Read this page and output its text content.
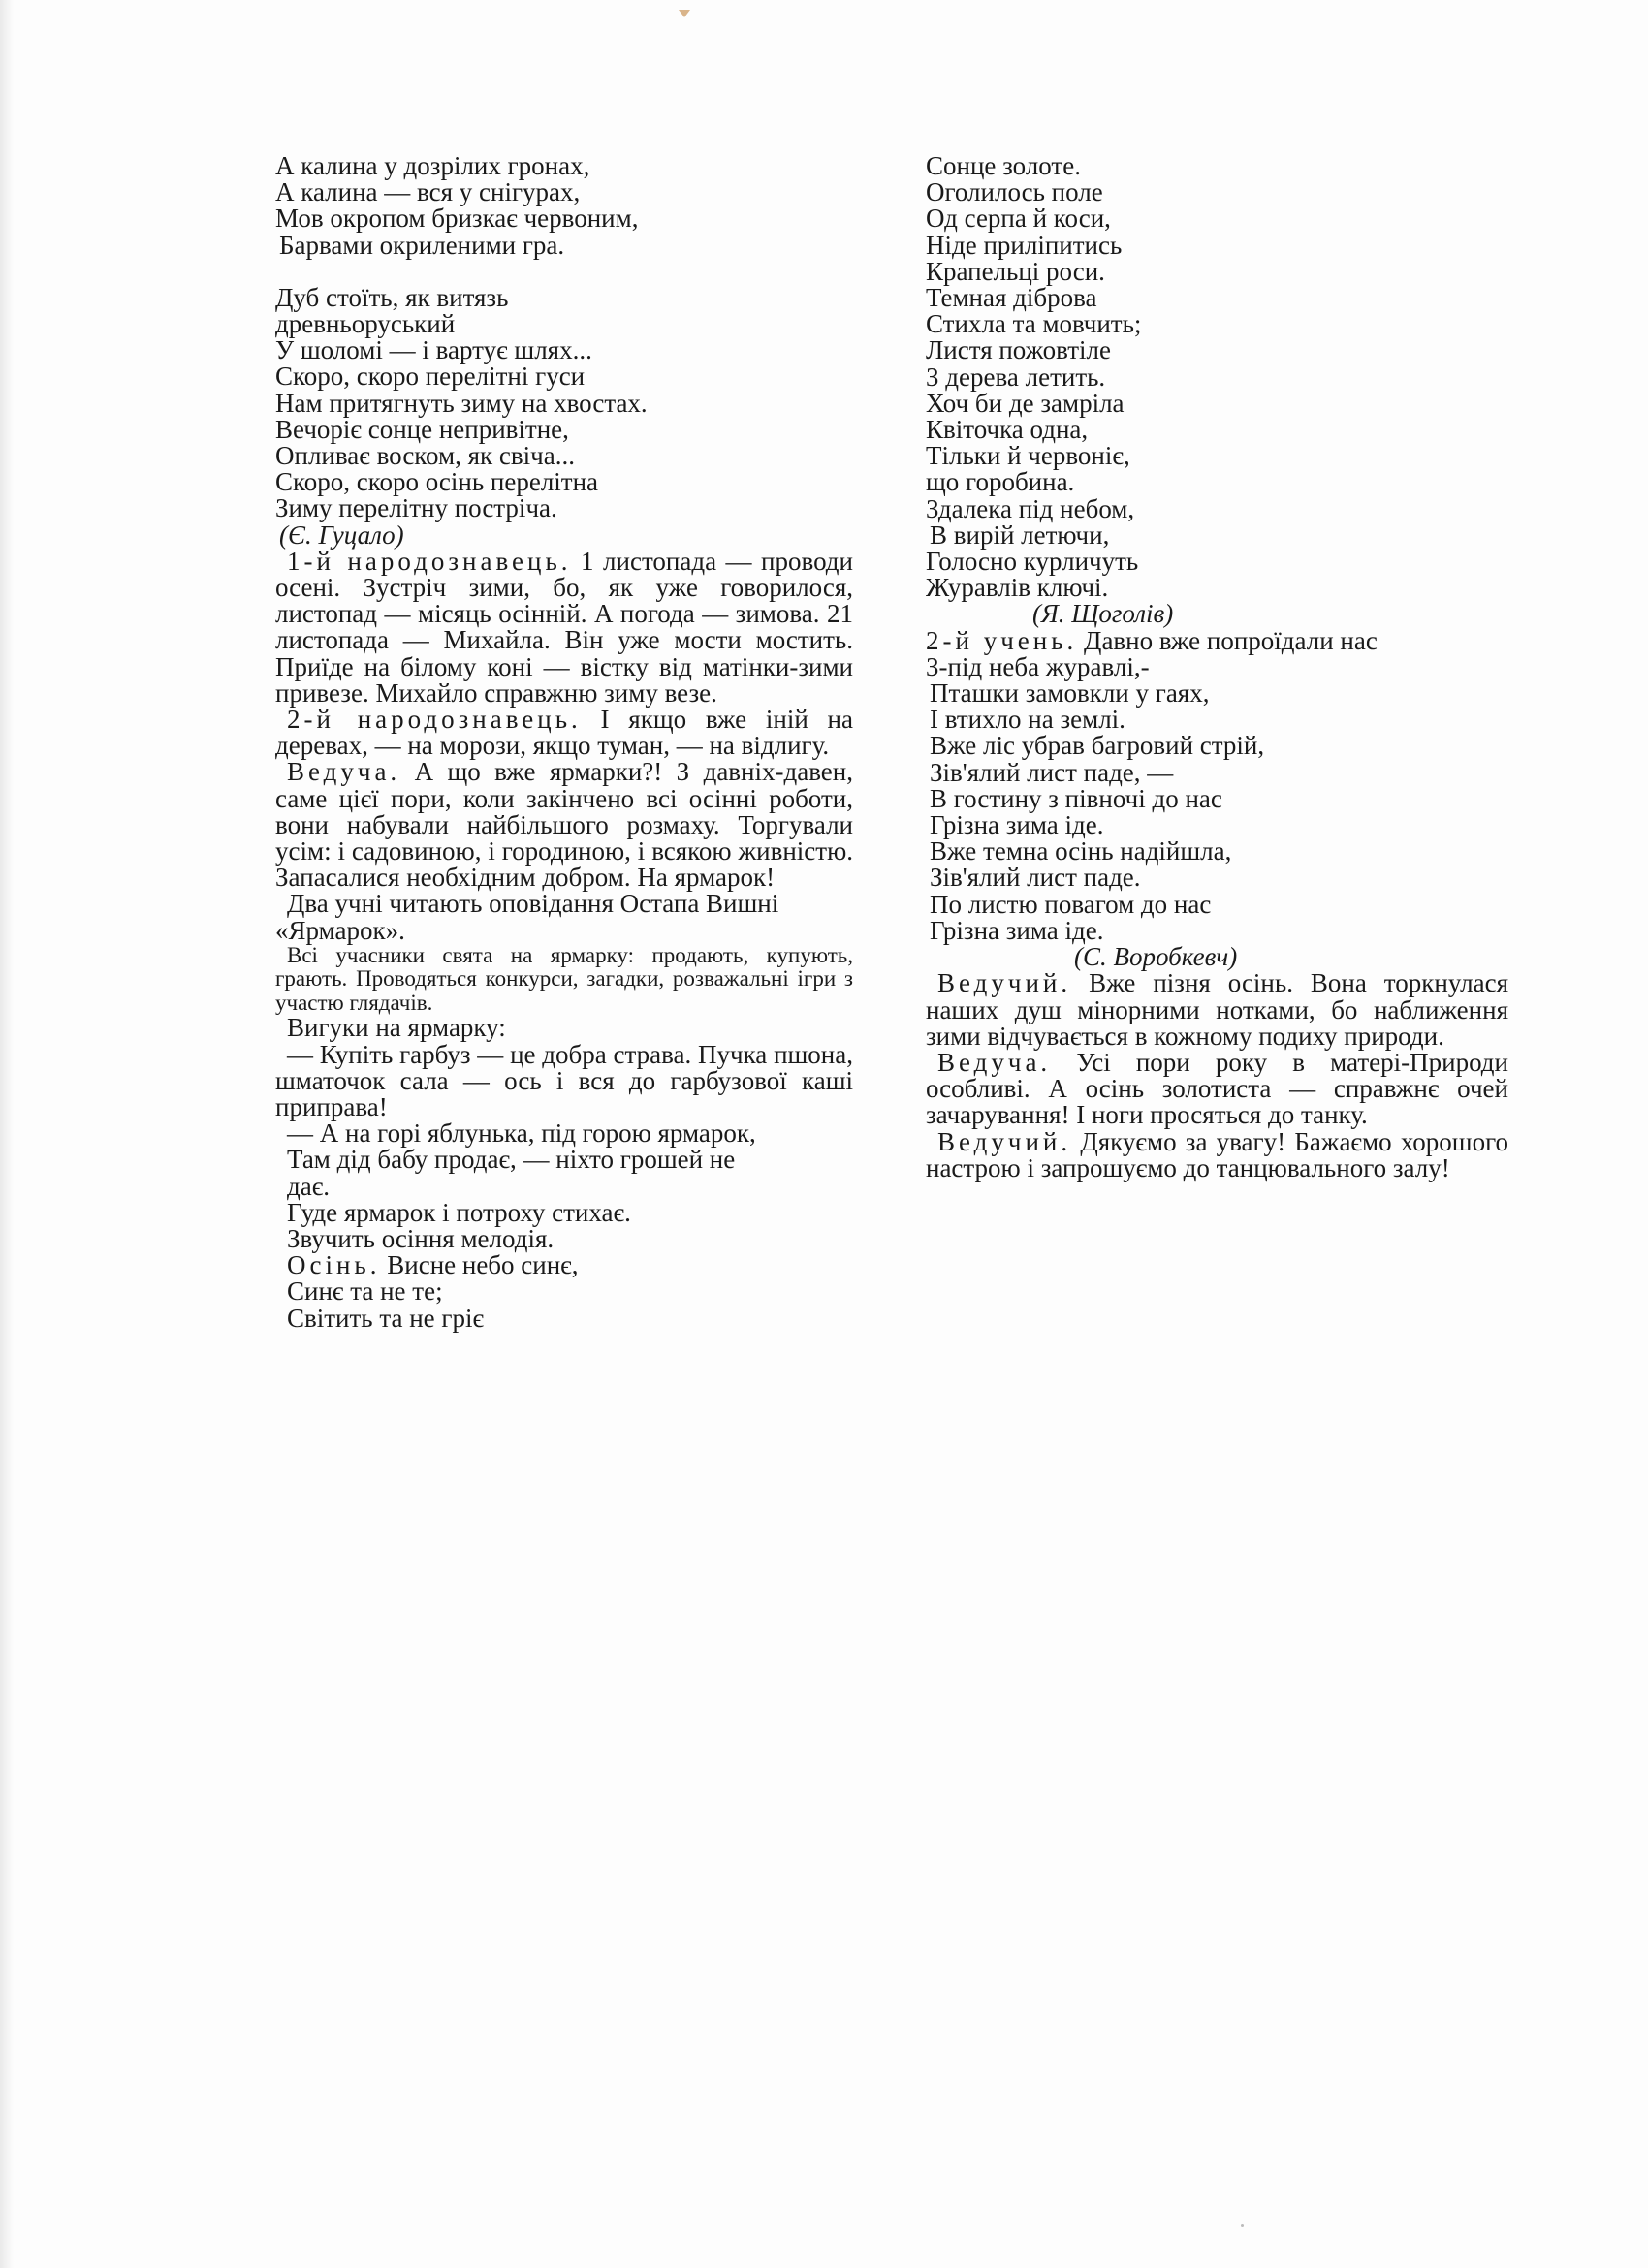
А калина у дозрілих гронах,

А калина — вся у снігурах,

Мов окропом бризкає червоним,

Барвами окриленими гра.

Дуб стоїть, як витязь

древньоруський

У шоломі — і вартує шлях...

Скоро, скоро перелітні гуси

Нам притягнуть зиму на хвостах.

Вечоріє сонце непривітне,

Опливає воском, як свіча...

Скоро, скоро осінь перелітна

Зиму перелітну постріча.

(Є. Гуцало)

1-й народознавець. 1 листопада — проводи осені. Зустріч зими, бо, як уже говорилося, листопад — місяць осінній. А погода — зимова. 21 листопада — Михайла. Він уже мости мостить. Приїде на білому коні — вістку від матінки-зими привезе. Михайло справжню зиму везе.

2-й народознавець. І якщо вже іній на деревах, — на морози, якщо туман, — на відлигу.

Ведуча. А що вже ярмарки?! З давніх-давен, саме цієї пори, коли закінчено всі осінні роботи, вони набували найбільшого розмаху. Торгували усім: і садовиною, і городиною, і всякою живністю. Запасалися необхідним добром. На ярмарок!

Два учні читають оповідання Остапа Вишні «Ярмарок».

Всі учасники свята на ярмарку: продають, купують, грають. Проводяться конкурси, загадки, розважальні ігри з участю глядачів.

Вигуки на ярмарку:

— Купіть гарбуз — це добра страва. Пучка пшона, шматочок сала — ось і вся до гарбузової каші приправа!

— А на горі яблунька, під горою ярмарок,

Там дід бабу продає, — ніхто грошей не

дає.

Гуде ярмарок і потроху стихає.

Звучить осіння мелодія.

Осінь. Висне небо синє,

Синє та не те;

Світить та не гріє

Сонце золоте.

Оголилось поле

Од серпа й коси,

Ніде приліпитись

Крапельці роси.

Темная діброва

Стихла та мовчить;

Листя пожовтіле

З дерева летить.

Хоч би де замріла

Квіточка одна,

Тільки й червоніє,

що горобина.

Здалека під небом,

В вирій летючи,

Голосно курличуть

Журавлів ключі.

(Я. Щоголів)

2-й учень. Давно вже попроїдали нас

З-під неба журавлі,-

Пташки замовкли у гаях,

І втихло на землі.

Вже ліс убрав багровий стрій,

Зів'ялий лист паде, —

В гостину з півночі до нас

Грізна зима іде.

Вже темна осінь надійшла,

Зів'ялий лист паде.

По листю повагом до нас

Грізна зима іде.

(С. Воробкевч)

Ведучий. Вже пізня осінь. Вона торкнулася наших душ мінорними нотками, бо наближення зими відчувається в кожному подиху природи.

Ведуча. Усі пори року в матері-Природи особливі. А осінь золотиста — справжнє очей зачарування! І ноги просяться до танку.

Ведучий. Дякуємо за увагу! Бажаємо хорошого настрою і запрошуємо до танцювального залу!
